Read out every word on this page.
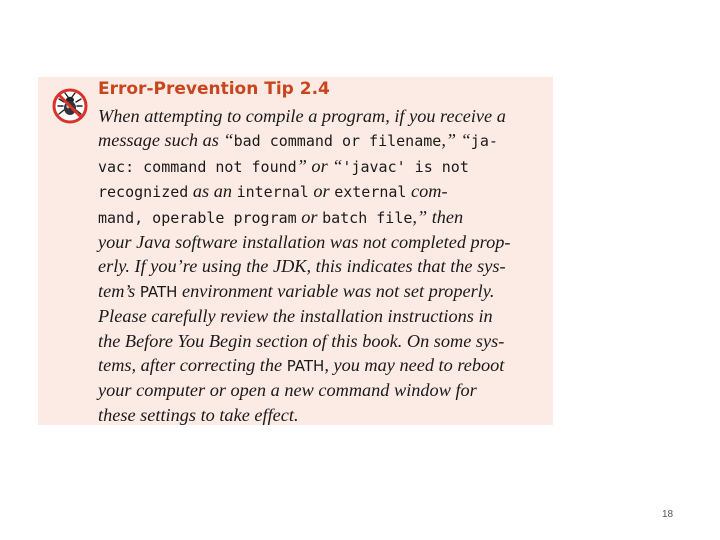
Error-Prevention Tip 2.4

When attempting to compile a program, if you receive a
message such as “bad command or filename,” “ja-
vac: command not found” or “'javac' is not
recognized as an internal or external com-
mand, operable program or batch file,” then
your Java software installation was not completed prop-
erly. If you’re using the JDK, this indicates that the sys-
tem’s PATH environment variable was not set properly.
Please carefully review the installation instructions in
the Before You Begin section of this book. On some sys-
tems, after correcting the PATH, you may need to reboot
your computer or open a new command window for
these settings to take effect.

18
